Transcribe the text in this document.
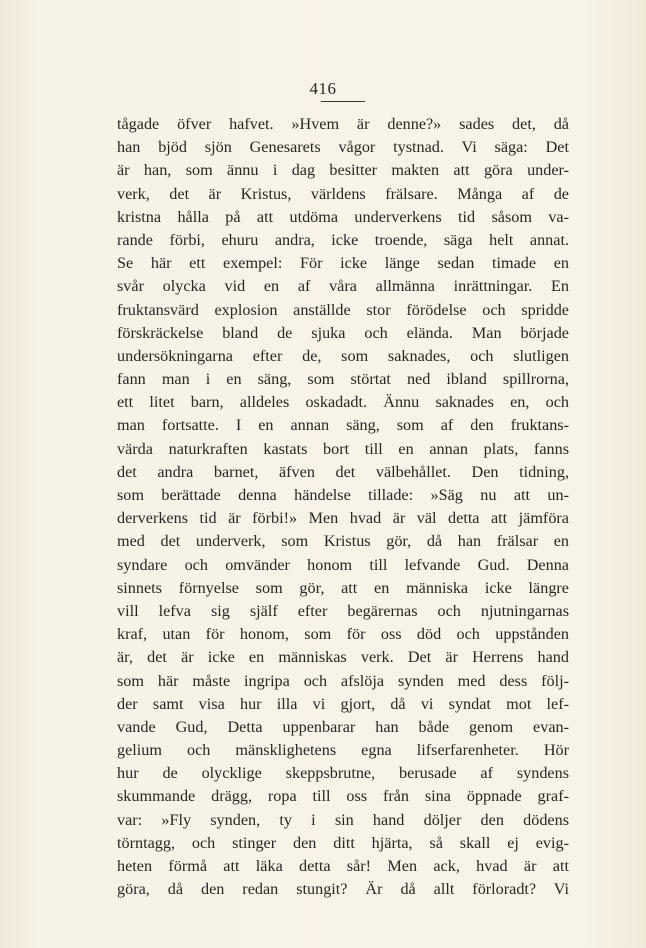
416
tågade öfver hafvet. »Hvem är denne?» sades det, då
han bjöd sjön Genesarets vågor tystnad. Vi säga: Det
är han, som ännu i dag besitter makten att göra under-
verk, det är Kristus, världens frälsare. Många af de
kristna hålla på att utdöma underverkens tid såsom va-
rande förbi, ehuru andra, icke troende, säga helt annat.
Se här ett exempel: För icke länge sedan timade en
svår olycka vid en af våra allmänna inrättningar. En
fruktansvärd explosion anställde stor förödelse och spridde
förskräckelse bland de sjuka och elända. Man började
undersökningarna efter de, som saknades, och slutligen
fann man i en säng, som störtat ned ibland spillrorna,
ett litet barn, alldeles oskadadt. Ännu saknades en, och
man fortsatte. I en annan säng, som af den fruktans-
värda naturkraften kastats bort till en annan plats, fanns
det andra barnet, äfven det välbehållet. Den tidning,
som berättade denna händelse tillade: »Säg nu att un-
derverkens tid är förbi!» Men hvad är väl detta att jämföra
med det underverk, som Kristus gör, då han frälsar en
syndare och omvänder honom till lefvande Gud. Denna
sinnets förnyelse som gör, att en människa icke längre
vill lefva sig själf efter begärernas och njutningarnas
kraf, utan för honom, som för oss död och uppstånden
är, det är icke en människas verk. Det är Herrens hand
som här måste ingripa och afslöja synden med dess följ-
der samt visa hur illa vi gjort, då vi syndat mot lef-
vande Gud, Detta uppenbarar han både genom evan-
gelium och mänsklighetens egna lifserfarenheter. Hör
hur de olycklige skeppsbrutne, berusade af syndens
skummande drägg, ropa till oss från sina öppnade graf-
var: »Fly synden, ty i sin hand döljer den dödens
törntagg, och stinger den ditt hjärta, så skall ej evig-
heten förmå att läka detta sår! Men ack, hvad är att
göra, då den redan stungit? Är då allt förloradt? Vi
